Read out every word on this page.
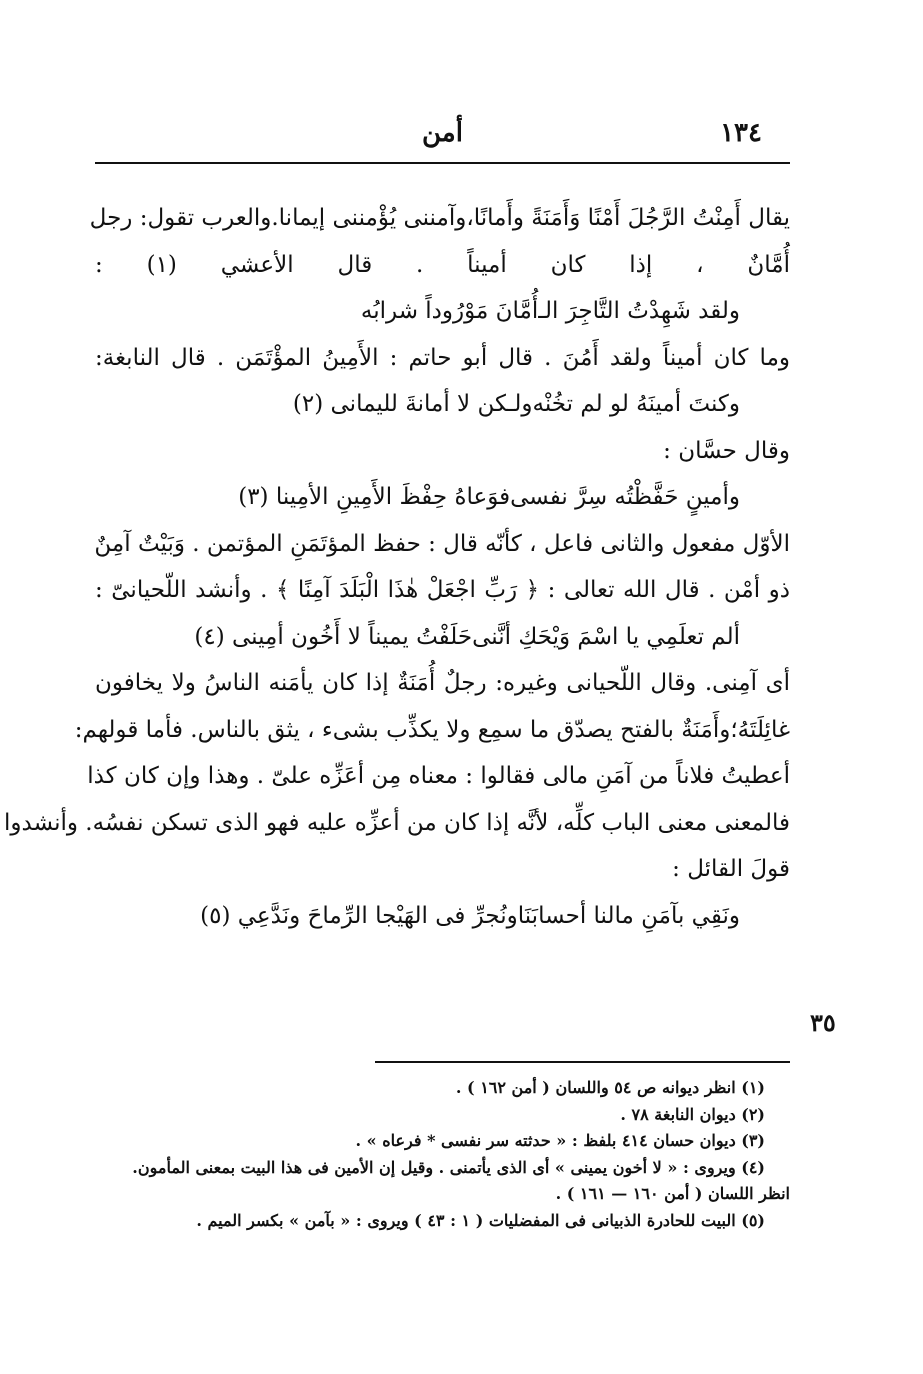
١٣٤
أمن
يقال أَمِنْتُ الرَّجُلَ أَمْنًا وَأَمَنَةً وأَمانًا،وآمننى يُؤْمننى إيمانا.والعرب تقول: رجل
أُمَّانٌ ، إذا كان أميناً . قال الأعشي (١) :
ولقد شَهِدْتُ التَّاجِرَ الـأُمَّانَ مَوْرُوداً شرابُه
وما كان أميناً ولقد أَمُنَ . قال أبو حاتم : الأَمِينُ المؤْتَمَن . قال النابغة:
وكنتَ أمينَهُ لو لم تخُنْهولـكن لا أمانةَ لليمانى (٢)
وقال حسَّان :
وأمينٍ حَفَّظْتُه سِرَّ نفسىفوَعاهُ حِفْظَ الأَمِينِ الأمِينا (٣)
الأوّل مفعول والثانى فاعل ، كأنّه قال : حفظ المؤتَمَنِ المؤتمن . وَبَيْتٌ آمِنٌ
ذو أمْن . قال الله تعالى : ﴿ رَبِّ اجْعَلْ هٰذَا الْبَلَدَ آمِنًا ﴾ . وأنشد اللّحيانىّ :
ألم تعلَمِي يا اسْمَ وَيْحَكِ أنَّنىحَلَفْتُ يميناً لا أَخُون أمِينى (٤)
أى آمِنى. وقال اللّحيانى وغيره: رجلٌ أُمَنَةٌ إذا كان يأمَنه الناسُ ولا يخافون
غائِلَتَهُ؛وأَمَنَةٌ بالفتح يصدّق ما سمِع ولا يكذِّب بشىء ، يثق بالناس. فأما قولهم:
أعطيتُ فلاناً من آمَنِ مالى فقالوا : معناه مِن أعَزِّه علىّ . وهذا وإن كان كذا
فالمعنى معنى الباب كلِّه، لأنَّه إذا كان من أعزِّه عليه فهو الذى تسكن نفسُه. وأنشدوا
قولَ القائل :
ونَقِي بآمَنِ مالنا أحسابَنَاونُجرِّ فى الهَيْجا الرِّماحَ ونَدَّعِي (٥)
٣٥
(١) انظر ديوانه ص ٥٤ واللسان ( أمن ١٦٢ ) .
(٢) ديوان النابغة ٧٨ .
(٣) ديوان حسان ٤١٤ بلفظ : « حدثته سر نفسى * فرعاه » .
(٤) ويروى : « لا أخون يمينى » أى الذى يأتمنى . وقيل إن الأمين فى هذا البيت بمعنى المأمون.
انظر اللسان ( أمن ١٦٠ — ١٦١ ) .
(٥) البيت للحادرة الذبيانى فى المفضليات ( ١ : ٤٣ ) ويروى : « بآمن » بكسر الميم .
